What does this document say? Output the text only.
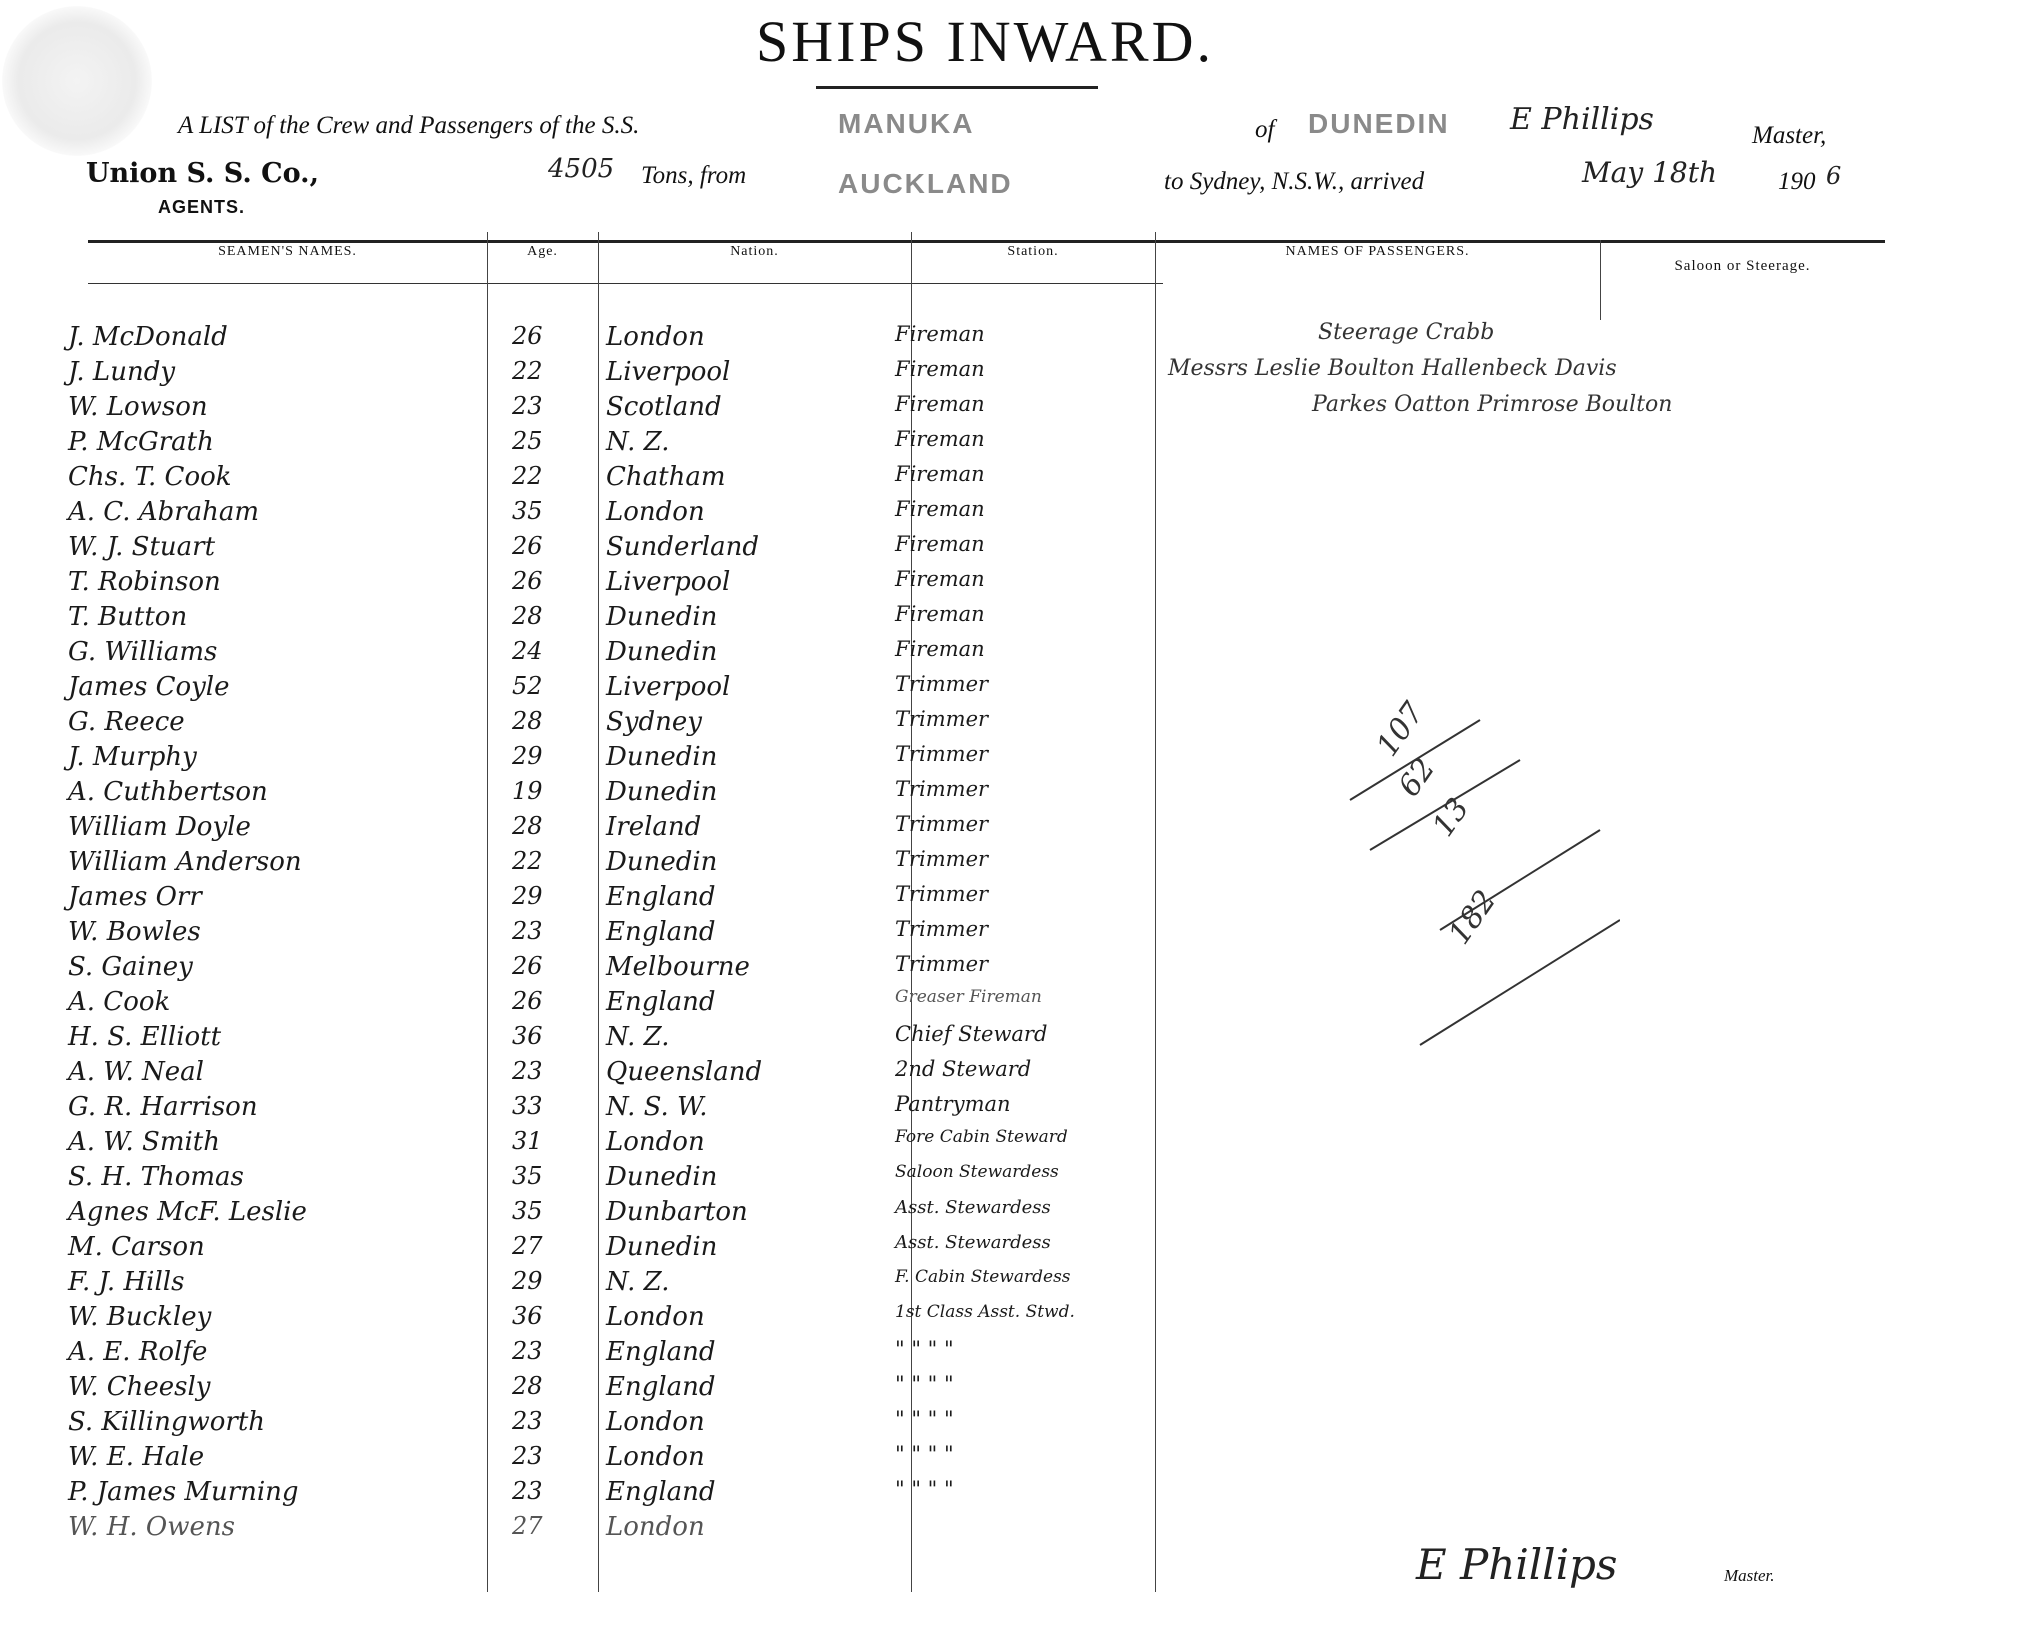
SHIPS INWARD.
A LIST of the Crew and Passengers of the S.S.	MANUKA	of DUNEDIN E Phillips	Master,
Union S. S. Co.,
AGENTS.
4505 Tons, from	AUCKLAND	to Sydney, N.S.W., arrived	May 18th 190 6
SEAMEN'S NAMES.	Age.	Nation.	Station.	NAMES OF PASSENGERS.
Saloon or Steerage.
J. McDonald	26 London	Fireman
J. Lundy	22 Liverpool	Fireman
W. Lowson	23 Scotland	Fireman
P. McGrath	25 N. Z.	Fireman
Chs. T. Cook	22 Chatham	Fireman
A. C. Abraham	35 London	Fireman
W. J. Stuart	26 Sunderland	Fireman
T. Robinson	26 Liverpool	Fireman
T. Button	28 Dunedin	Fireman
G. Williams	24 Dunedin	Fireman
James Coyle	52 Liverpool	Trimmer
G. Reece	28 Sydney	Trimmer
J. Murphy	29 Dunedin	Trimmer
A. Cuthbertson	19 Dunedin	Trimmer
William Doyle	28 Ireland	Trimmer
William Anderson	22 Dunedin	Trimmer
James Orr	29 England	Trimmer
W. Bowles	23 England	Trimmer
S. Gainey	26 Melbourne	Trimmer
A. Cook	26 England	Greaser Fireman
H. S. Elliott	36 N. Z.	Chief Steward
A. W. Neal	23 Queensland	2nd Steward
G. R. Harrison	33 N. S. W.	Pantryman
A. W. Smith	31 London	Fore Cabin Steward
S. H. Thomas	35 Dunedin	Saloon Stewardess
Agnes McF. Leslie	35 Dunbarton	Asst. Stewardess
M. Carson	27 Dunedin	Asst. Stewardess
F. J. Hills	29 N. Z.	F. Cabin Stewardess
W. Buckley	36 London	1st Class Asst. Stwd.
A. E. Rolfe	23 England	" " " "
W. Cheesly	28 England	" " " "
S. Killingworth	23 London	" " " "
W. E. Hale	23 London	" " " "
P. James Murning	23 England	" " " "
W. H. Owens	27 London
Steerage Crabb
Messrs Leslie Boulton Hallenbeck Davis
Parkes Oatton Primrose Boulton
107
62
13
182
E Phillips	Master.
